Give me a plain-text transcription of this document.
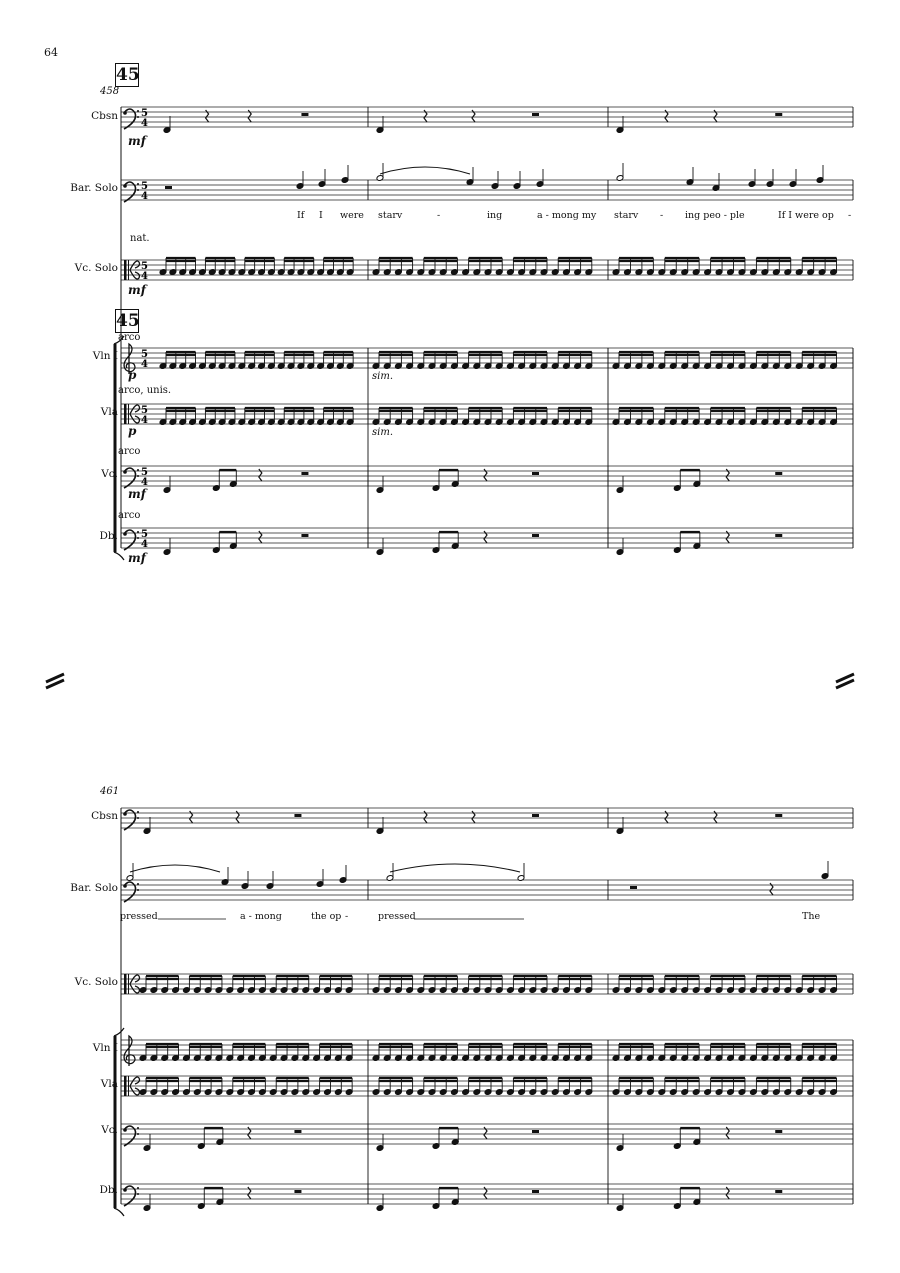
64
45
45
458
461
Cbsn
Bar. Solo
Vc. Solo
Vln I
Vla
Vc.
Db.
Cbsn
Bar. Solo
Vc. Solo
Vln I
Vla
Vc.
Db.
If I were starv	-	ing	a - mong my starv - ing peo - ple	If I were op -
pressed	a - mong	the op -	pressed	The
nat.
arco
arco, unis.
arco
arco
mf
mf
p
p
mf
mf
sim.
sim.
5
4
5
4
5
4
5
4
5
4
5
4
5
4
